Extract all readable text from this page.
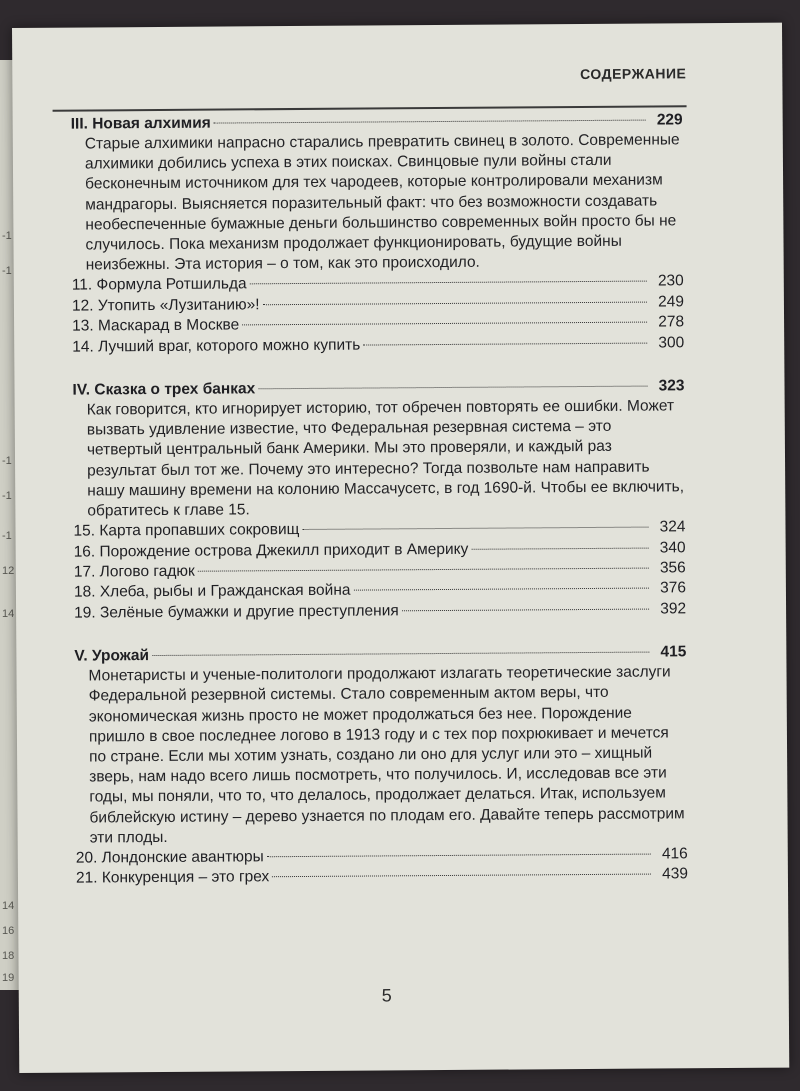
-1
-1
-1
-1
-1
12
14
14
16
18
19
СОДЕРЖАНИЕ
III. Новая алхимия	229
Старые алхимики напрасно старались превратить свинец в золото. Современные алхимики добились успеха в этих поисках. Свинцовые пули войны стали бесконечным источником для тех чародеев, которые контролировали механизм мандрагоры. Выясняется поразительный факт: что без возможности создавать необеспеченные бумажные деньги большинство современных войн просто бы не случилось. Пока механизм продолжает функционировать, будущие войны неизбежны. Эта история – о том, как это происходило.
11. Формула Ротшильда	230
12. Утопить «Лузитанию»!	249
13. Маскарад в Москве	278
14. Лучший враг, которого можно купить	300
IV. Сказка о трех банках	323
Как говорится, кто игнорирует историю, тот обречен повторять ее ошибки. Может вызвать удивление известие, что Федеральная резервная система – это четвертый центральный банк Америки. Мы это проверяли, и каждый раз результат был тот же. Почему это интересно? Тогда позвольте нам направить нашу машину времени на колонию Массачусетс, в год 1690-й. Чтобы ее включить, обратитесь к главе 15.
15. Карта пропавших сокровищ	324
16. Порождение острова Джекилл приходит в Америку	340
17. Логово гадюк	356
18. Хлеба, рыбы и Гражданская война	376
19. Зелёные бумажки и другие преступления	392
V. Урожай	415
Монетаристы и ученые-политологи продолжают излагать теоретические заслуги Федеральной резервной системы. Стало современным актом веры, что экономическая жизнь просто не может продолжаться без нее. Порождение пришло в свое последнее логово в 1913 году и с тех пор похрюкивает и мечется по стране. Если мы хотим узнать, создано ли оно для услуг или это – хищный зверь, нам надо всего лишь посмотреть, что получилось. И, исследовав все эти годы, мы поняли, что то, что делалось, продолжает делаться. Итак, используем библейскую истину – дерево узнается по плодам его. Давайте теперь рассмотрим эти плоды.
20. Лондонские авантюры	416
21. Конкуренция – это грех	439
5
